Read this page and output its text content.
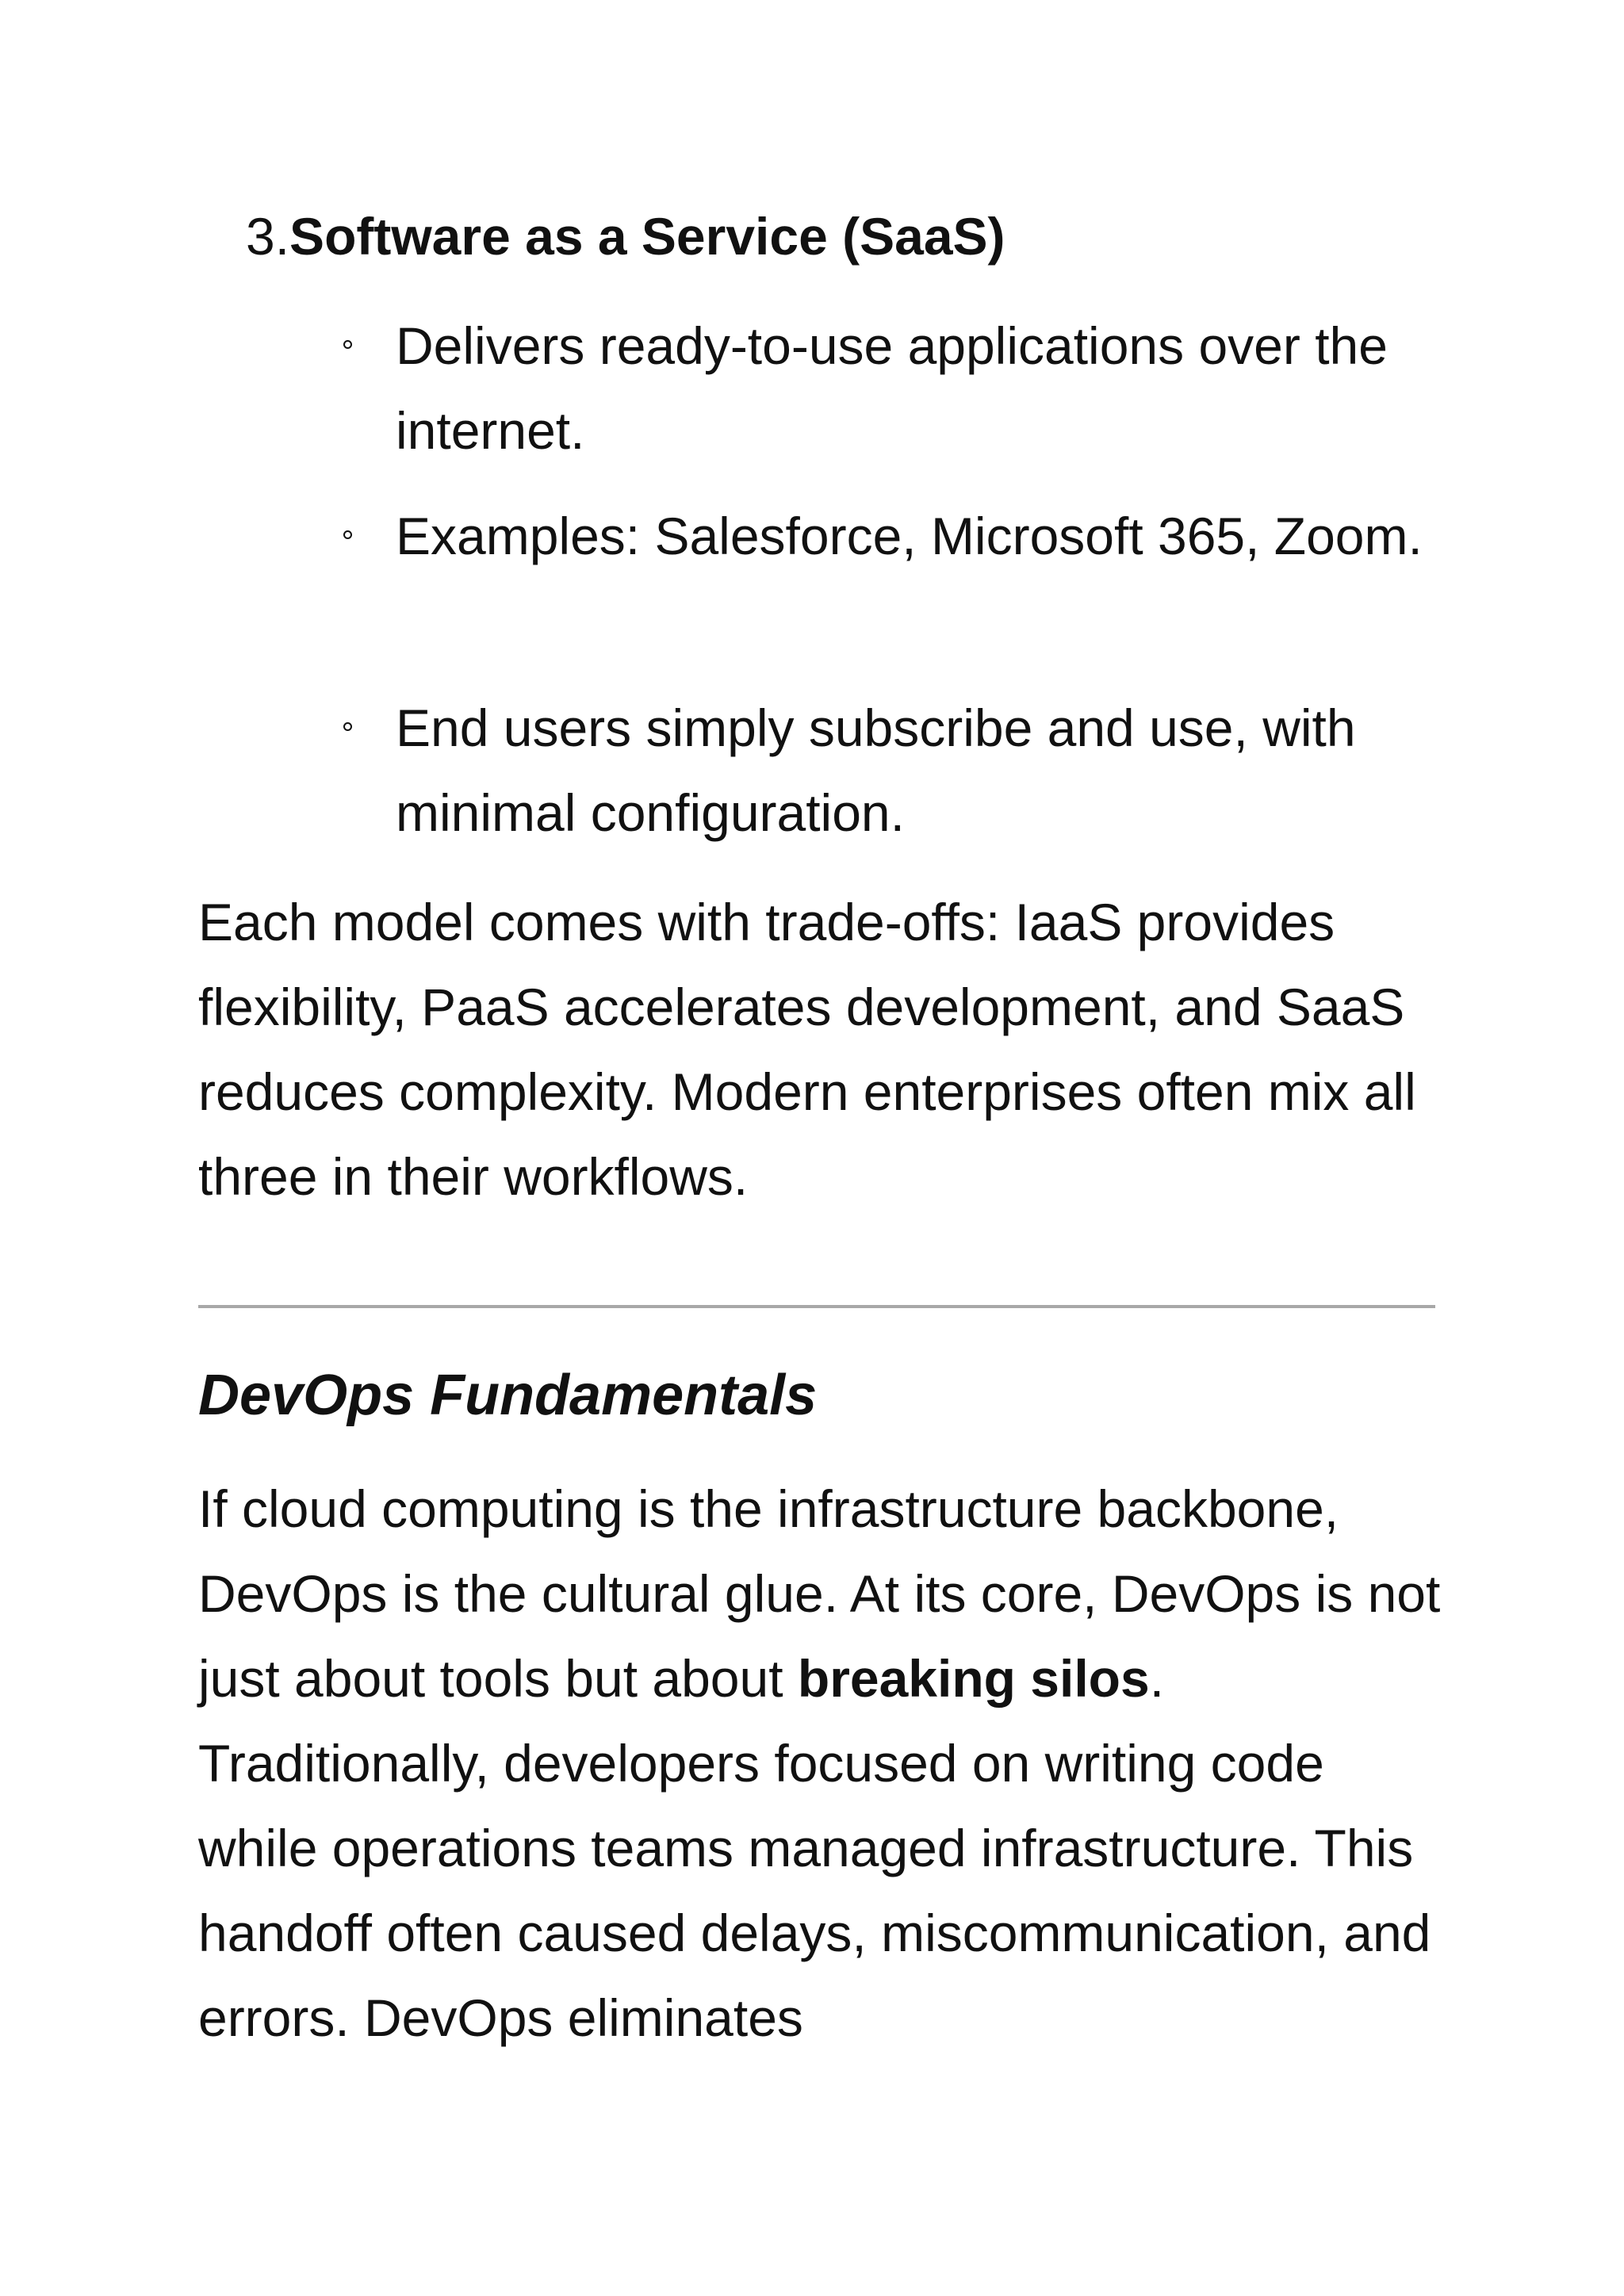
3.Software as a Service (SaaS)
Delivers ready-to-use applications over the internet.
Examples: Salesforce, Microsoft 365, Zoom.
End users simply subscribe and use, with minimal configuration.

Each model comes with trade-offs: IaaS provides flexibility, PaaS accelerates development, and SaaS reduces complexity. Modern enterprises often mix all three in their workflows.

DevOps Fundamentals

If cloud computing is the infrastructure backbone, DevOps is the cultural glue. At its core, DevOps is not just about tools but about breaking silos. Traditionally, developers focused on writing code while operations teams managed infrastructure. This handoff often caused delays, miscommunication, and errors. DevOps eliminates
